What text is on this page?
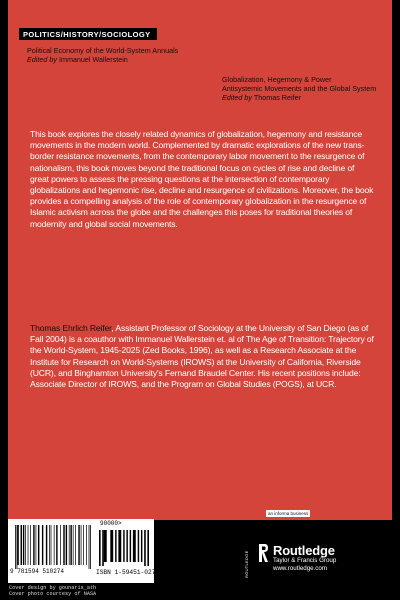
POLITICS/HISTORY/SOCIOLOGY
Political Economy of the World-System Annuals
Edited by Immanuel Wallerstein
Globalization, Hegemony & Power
Antisystemic Movements and the Global System
Edited by Thomas Reifer
This book explores the closely related dynamics of globalization, hegemony and resistance movements in the modern world. Complemented by dramatic explorations of the new trans-border resistance movements, from the contemporary labor movement to the resurgence of nationalism, this book moves beyond the traditional focus on cycles of rise and decline of great powers to assess the pressing questions at the intersection of contemporary globalizations and hegemonic rise, decline and resurgence of civilizations. Moreover, the book provides a compelling analysis of the role of contemporary globalization in the resurgence of Islamic activism across the globe and the challenges this poses for traditional theories of modernity and global social movements.
Thomas Ehrlich Reifer, Assistant Professor of Sociology at the University of San Diego (as of Fall 2004) is a coauthor with Immanuel Wallerstein et. al of The Age of Transition: Trajectory of the World-System, 1945-2025 (Zed Books, 1996), as well as a Research Associate at the Institute for Research on World-Systems (IROWS) at the University of California, Riverside (UCR), and Binghamton University's Fernand Braudel Center. His recent positions include: Associate Director of IROWS, and the Program on Global Studies (POGS), at UCR.
an informa business
9 781594 510274
90000>
ISBN 1-59451-027-X
Cover design by gounaris_ath
Cover photo courtesy of NASA
ROUTLEDGE Routledge
Taylor & Francis Group
www.routledge.com
